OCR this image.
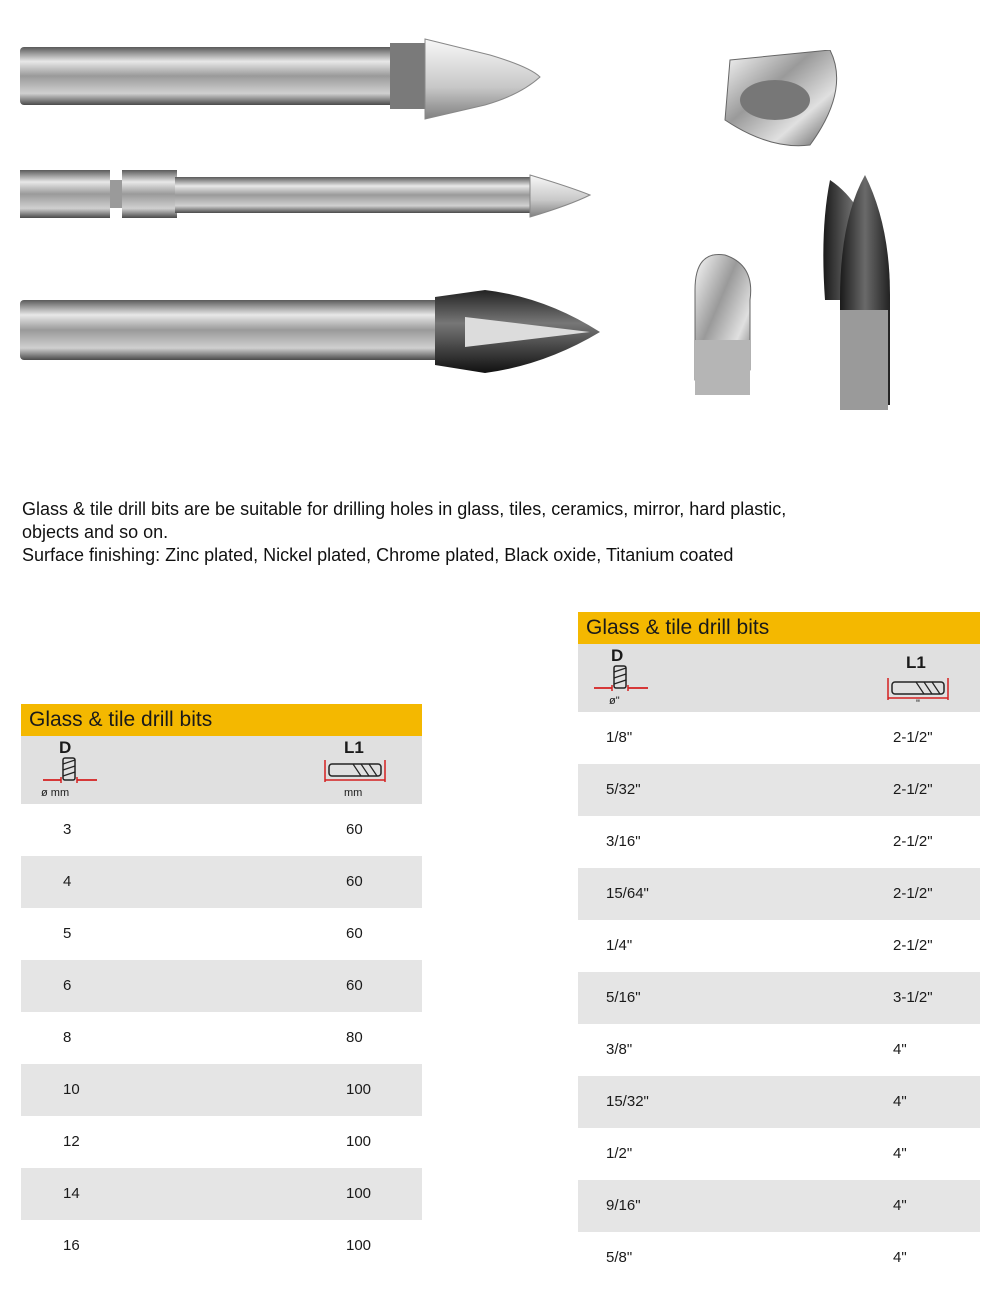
Glass & tile drill bits are be suitable for drilling holes in glass, tiles, ceramics, mirror, hard plastic,

objects and so on.

Surface finishing: Zinc plated, Nickel plated, Chrome plated, Black oxide, Titanium coated

Glass & tile drill bits
D
ø mm
L1
mm
3	60
4	60
5	60
6	60
8	80
10	100
12	100
14	100
16	100
Glass & tile drill bits
D
ø"
L1
"
1/8"	2-1/2"
5/32"	2-1/2"
3/16"	2-1/2"
15/64"	2-1/2"
1/4"	2-1/2"
5/16"	3-1/2"
3/8"	4"
15/32"	4"
1/2"	4"
9/16"	4"
5/8"	4"
